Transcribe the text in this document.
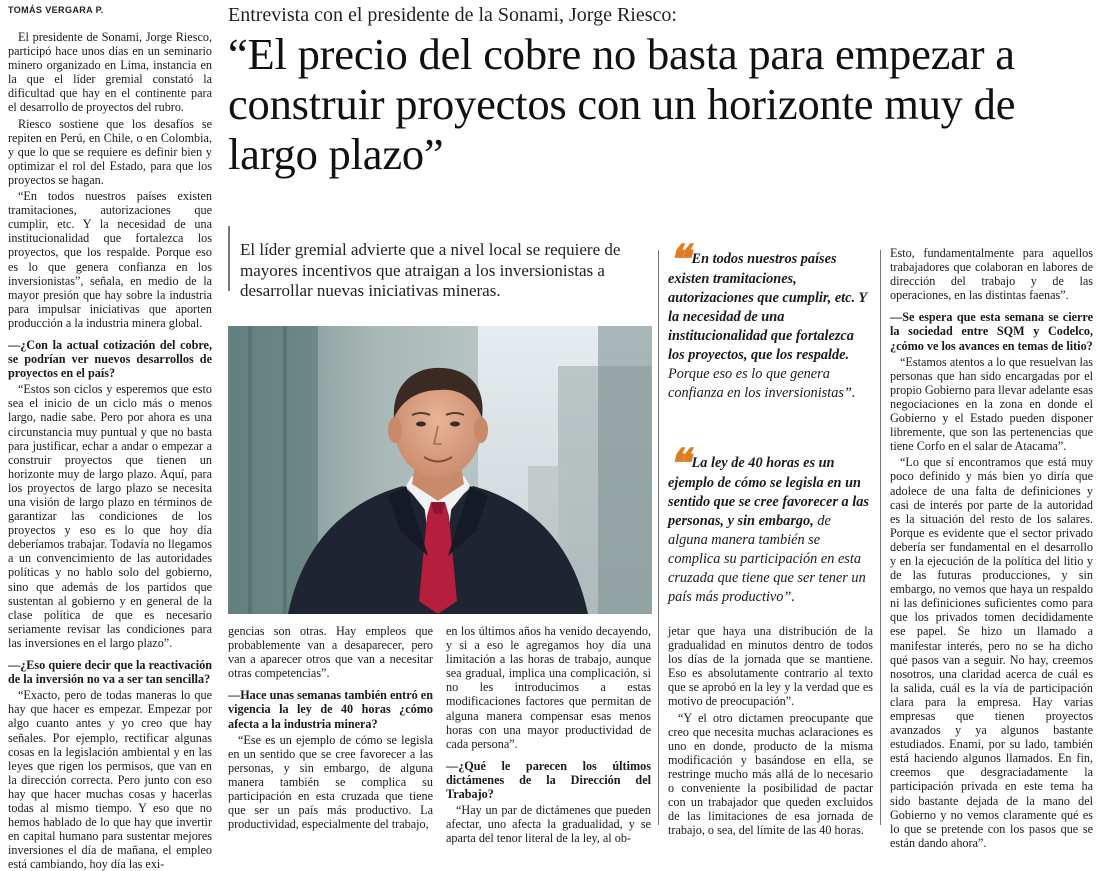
TOMÁS VERGARA P.

El presidente de Sonami, Jorge Riesco, participó hace unos días en un seminario minero organizado en Lima, instancia en la que el líder gremial constató la dificultad que hay en el continente para el desarrollo de proyectos del rubro.

Riesco sostiene que los desafíos se repiten en Perú, en Chile, o en Colombia, y que lo que se requiere es definir bien y optimizar el rol del Estado, para que los proyectos se hagan.

“En todos nuestros países existen tramitaciones, autorizaciones que cumplir, etc. Y la necesidad de una institucionalidad que fortalezca los proyectos, que los respalde. Porque eso es lo que genera confianza en los inversionistas”, señala, en medio de la mayor presión que hay sobre la industria para impulsar iniciativas que aporten producción a la industria minera global.

—¿Con la actual cotización del cobre, se podrían ver nuevos desarrollos de proyectos en el país?

“Estos son ciclos y esperemos que esto sea el inicio de un ciclo más o menos largo, nadie sabe. Pero por ahora es una circunstancia muy puntual y que no basta para justificar, echar a andar o empezar a construir proyectos que tienen un horizonte muy de largo plazo. Aquí, para los proyectos de largo plazo se necesita una visión de largo plazo en términos de garantizar las condiciones de los proyectos y eso es lo que hoy día deberíamos trabajar. Todavía no llegamos a un convencimiento de las autoridades políticas y no hablo solo del gobierno, sino que además de los partidos que sustentan al gobierno y en general de la clase política de que es necesario seriamente revisar las condiciones para las inversiones en el largo plazo”.

—¿Eso quiere decir que la reactivación de la inversión no va a ser tan sencilla?

“Exacto, pero de todas maneras lo que hay que hacer es empezar. Empezar por algo cuanto antes y yo creo que hay señales. Por ejemplo, rectificar algunas cosas en la legislación ambiental y en las leyes que rigen los permisos, que van en la dirección correcta. Pero junto con eso hay que hacer muchas cosas y hacerlas todas al mismo tiempo. Y eso que no hemos hablado de lo que hay que invertir en capital humano para sustentar mejores inversiones el día de mañana, el empleo está cambiando, hoy día las exi-

Entrevista con el presidente de la Sonami, Jorge Riesco:
“El precio del cobre no basta para empezar a construir proyectos con un horizonte muy de largo plazo”
El líder gremial advierte que a nivel local se requiere de mayores incentivos que atraigan a los inversionistas a desarrollar nuevas iniciativas mineras.

gencias son otras. Hay empleos que probablemente van a desaparecer, pero van a aparecer otros que van a necesitar otras competencias”.

—Hace unas semanas también entró en vigencia la ley de 40 horas ¿cómo afecta a la industria minera?

“Ese es un ejemplo de cómo se legisla en un sentido que se cree favorecer a las personas, y sin embargo, de alguna manera también se complica su participación en esta cruzada que tiene que ser un país más productivo. La productividad, especialmente del trabajo,

en los últimos años ha venido decayendo, y si a eso le agregamos hoy día una limitación a las horas de trabajo, aunque sea gradual, implica una complicación, si no les introducimos a estas modificaciones factores que permitan de alguna manera compensar esas menos horas con una mayor productividad de cada persona”.

—¿Qué le parecen los últimos dictámenes de la Dirección del Trabajo?

“Hay un par de dictámenes que pueden afectar, uno afecta la gradualidad, y se aparta del tenor literal de la ley, al ob-

❝ En todos nuestros países existen tramitaciones, autorizaciones que cumplir, etc. Y la necesidad de una institucionalidad que fortalezca los proyectos, que los respalde. Porque eso es lo que genera confianza en los inversionistas”.
❝ La ley de 40 horas es un ejemplo de cómo se legisla en un sentido que se cree favorecer a las personas, y sin embargo, de alguna manera también se complica su participación en esta cruzada que tiene que ser tener un país más productivo”.

jetar que haya una distribución de la gradualidad en minutos dentro de todos los días de la jornada que se mantiene. Eso es absolutamente contrario al texto que se aprobó en la ley y la verdad que es motivo de preocupación”.

“Y el otro dictamen preocupante que creo que necesita muchas aclaraciones es uno en donde, producto de la misma modificación y basándose en ella, se restringe mucho más allá de lo necesario o conveniente la posibilidad de pactar con un trabajador que queden excluidos de las limitaciones de esa jornada de trabajo, o sea, del límite de las 40 horas.

Esto, fundamentalmente para aquellos trabajadores que colaboran en labores de dirección del trabajo y de las operaciones, en las distintas faenas”.

—Se espera que esta semana se cierre la sociedad entre SQM y Codelco, ¿cómo ve los avances en temas de litio?

“Estamos atentos a lo que resuelvan las personas que han sido encargadas por el propio Gobierno para llevar adelante esas negociaciones en la zona en donde el Gobierno y el Estado pueden disponer libremente, que son las pertenencias que tiene Corfo en el salar de Atacama”.

“Lo que sí encontramos que está muy poco definido y más bien yo diría que adolece de una falta de definiciones y casi de interés por parte de la autoridad es la situación del resto de los salares. Porque es evidente que el sector privado debería ser fundamental en el desarrollo y en la ejecución de la política del litio y de las futuras producciones, y sin embargo, no vemos que haya un respaldo ni las definiciones suficientes como para que los privados tomen decididamente ese papel. Se hizo un llamado a manifestar interés, pero no se ha dicho qué pasos van a seguir. No hay, creemos nosotros, una claridad acerca de cuál es la salida, cuál es la vía de participación clara para la empresa. Hay varias empresas que tienen proyectos avanzados y ya algunos bastante estudiados. Enami, por su lado, también está haciendo algunos llamados. En fin, creemos que desgraciadamente la participación privada en este tema ha sido bastante dejada de la mano del Gobierno y no vemos claramente qué es lo que se pretende con los pasos que se están dando ahora”.
